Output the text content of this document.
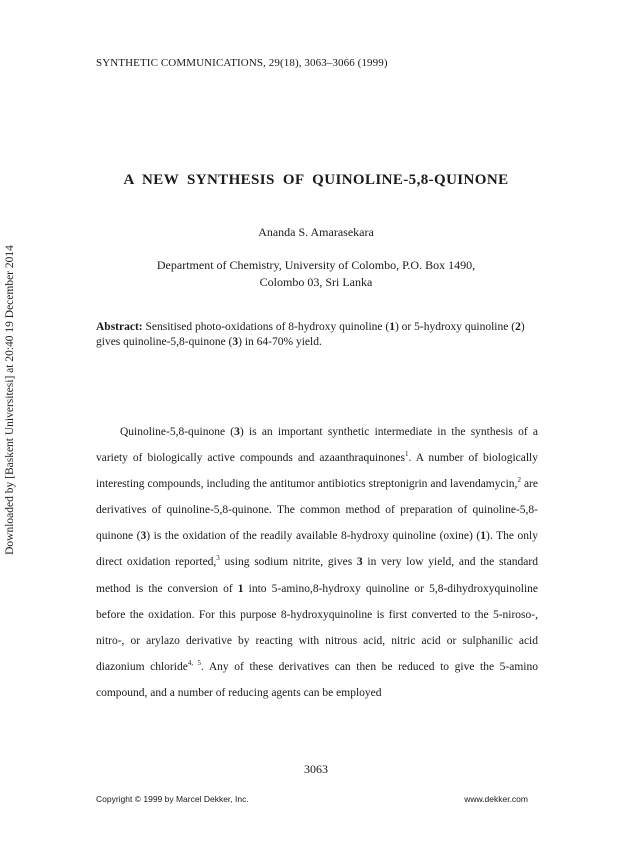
Downloaded by [Baskent Universitesi] at 20:40 19 December 2014
SYNTHETIC COMMUNICATIONS, 29(18), 3063–3066 (1999)
A NEW SYNTHESIS OF QUINOLINE-5,8-QUINONE
Ananda S. Amarasekara
Department of Chemistry, University of Colombo, P.O. Box 1490,
Colombo 03, Sri Lanka
Abstract: Sensitised photo-oxidations of 8-hydroxy quinoline (1) or 5-hydroxy quinoline (2) gives quinoline-5,8-quinone (3) in 64-70% yield.
Quinoline-5,8-quinone (3) is an important synthetic intermediate in the synthesis of a variety of biologically active compounds and azaanthraquinones$^1$. A number of biologically interesting compounds, including the antitumor antibiotics streptonigrin and lavendamycin,$^2$ are derivatives of quinoline-5,8-quinone. The common method of preparation of quinoline-5,8-quinone (3) is the oxidation of the readily available 8-hydroxy quinoline (oxine) (1). The only direct oxidation reported,$^3$ using sodium nitrite, gives 3 in very low yield, and the standard method is the conversion of 1 into 5-amino,8-hydroxy quinoline or 5,8-dihydroxyquinoline before the oxidation. For this purpose 8-hydroxyquinoline is first converted to the 5-niroso-, nitro-, or arylazo derivative by reacting with nitrous acid, nitric acid or sulphanilic acid diazonium chloride$^{4, 5}$. Any of these derivatives can then be reduced to give the 5-amino compound, and a number of reducing agents can be employed
3063
Copyright © 1999 by Marcel Dekker, Inc.	www.dekker.com
